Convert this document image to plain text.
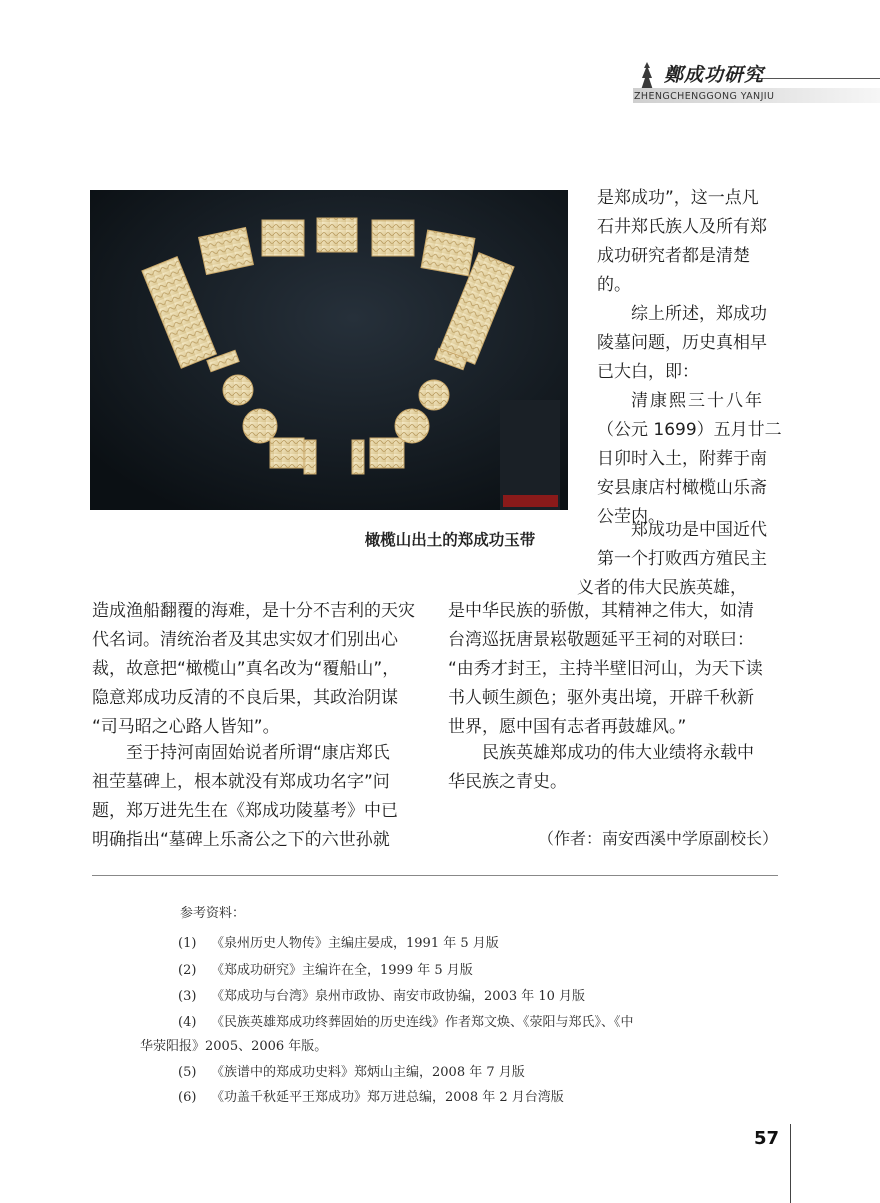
鄭成功研究
ZHENGCHENGGONG YANJIU
橄榄山出土的郑成功玉带
是郑成功”，这一点凡
石井郑氏族人及所有郑
成功研究者都是清楚
的。
综上所述，郑成功
陵墓问题，历史真相早
已大白，即：
清康熙三十八年
（公元 1699）五月廿二
日卯时入土，附葬于南
安县康店村橄榄山乐斋
公茔内。
郑成功是中国近代
第一个打败西方殖民主
义者的伟大民族英雄，
造成渔船翻覆的海难，是十分不吉利的天灾
代名词。清统治者及其忠实奴才们别出心
裁，故意把“橄榄山”真名改为“覆船山”，
隐意郑成功反清的不良后果，其政治阴谋
“司马昭之心路人皆知”。
至于持河南固始说者所谓“康店郑氏
祖茔墓碑上，根本就没有郑成功名字”问
题，郑万进先生在《郑成功陵墓考》中已
明确指出“墓碑上乐斋公之下的六世孙就
是中华民族的骄傲，其精神之伟大，如清
台湾巡抚唐景崧敬题延平王祠的对联曰：
“由秀才封王，主持半壁旧河山，为天下读
书人顿生颜色；驱外夷出境，开辟千秋新
世界，愿中国有志者再鼓雄风。”
民族英雄郑成功的伟大业绩将永载中
华民族之青史。
（作者：南安西溪中学原副校长）
参考资料：
(1) 《泉州历史人物传》主编庄晏成，1991 年 5 月版
(2) 《郑成功研究》主编许在全，1999 年 5 月版
(3) 《郑成功与台湾》泉州市政协、南安市政协编，2003 年 10 月版
(4) 《民族英雄郑成功终葬固始的历史连线》作者郑文焕、《荥阳与郑氏》、《中
华荥阳报》2005、2006 年版。
(5) 《族谱中的郑成功史料》郑炳山主编，2008 年 7 月版
(6) 《功盖千秋延平王郑成功》郑万进总编，2008 年 2 月台湾版
57
